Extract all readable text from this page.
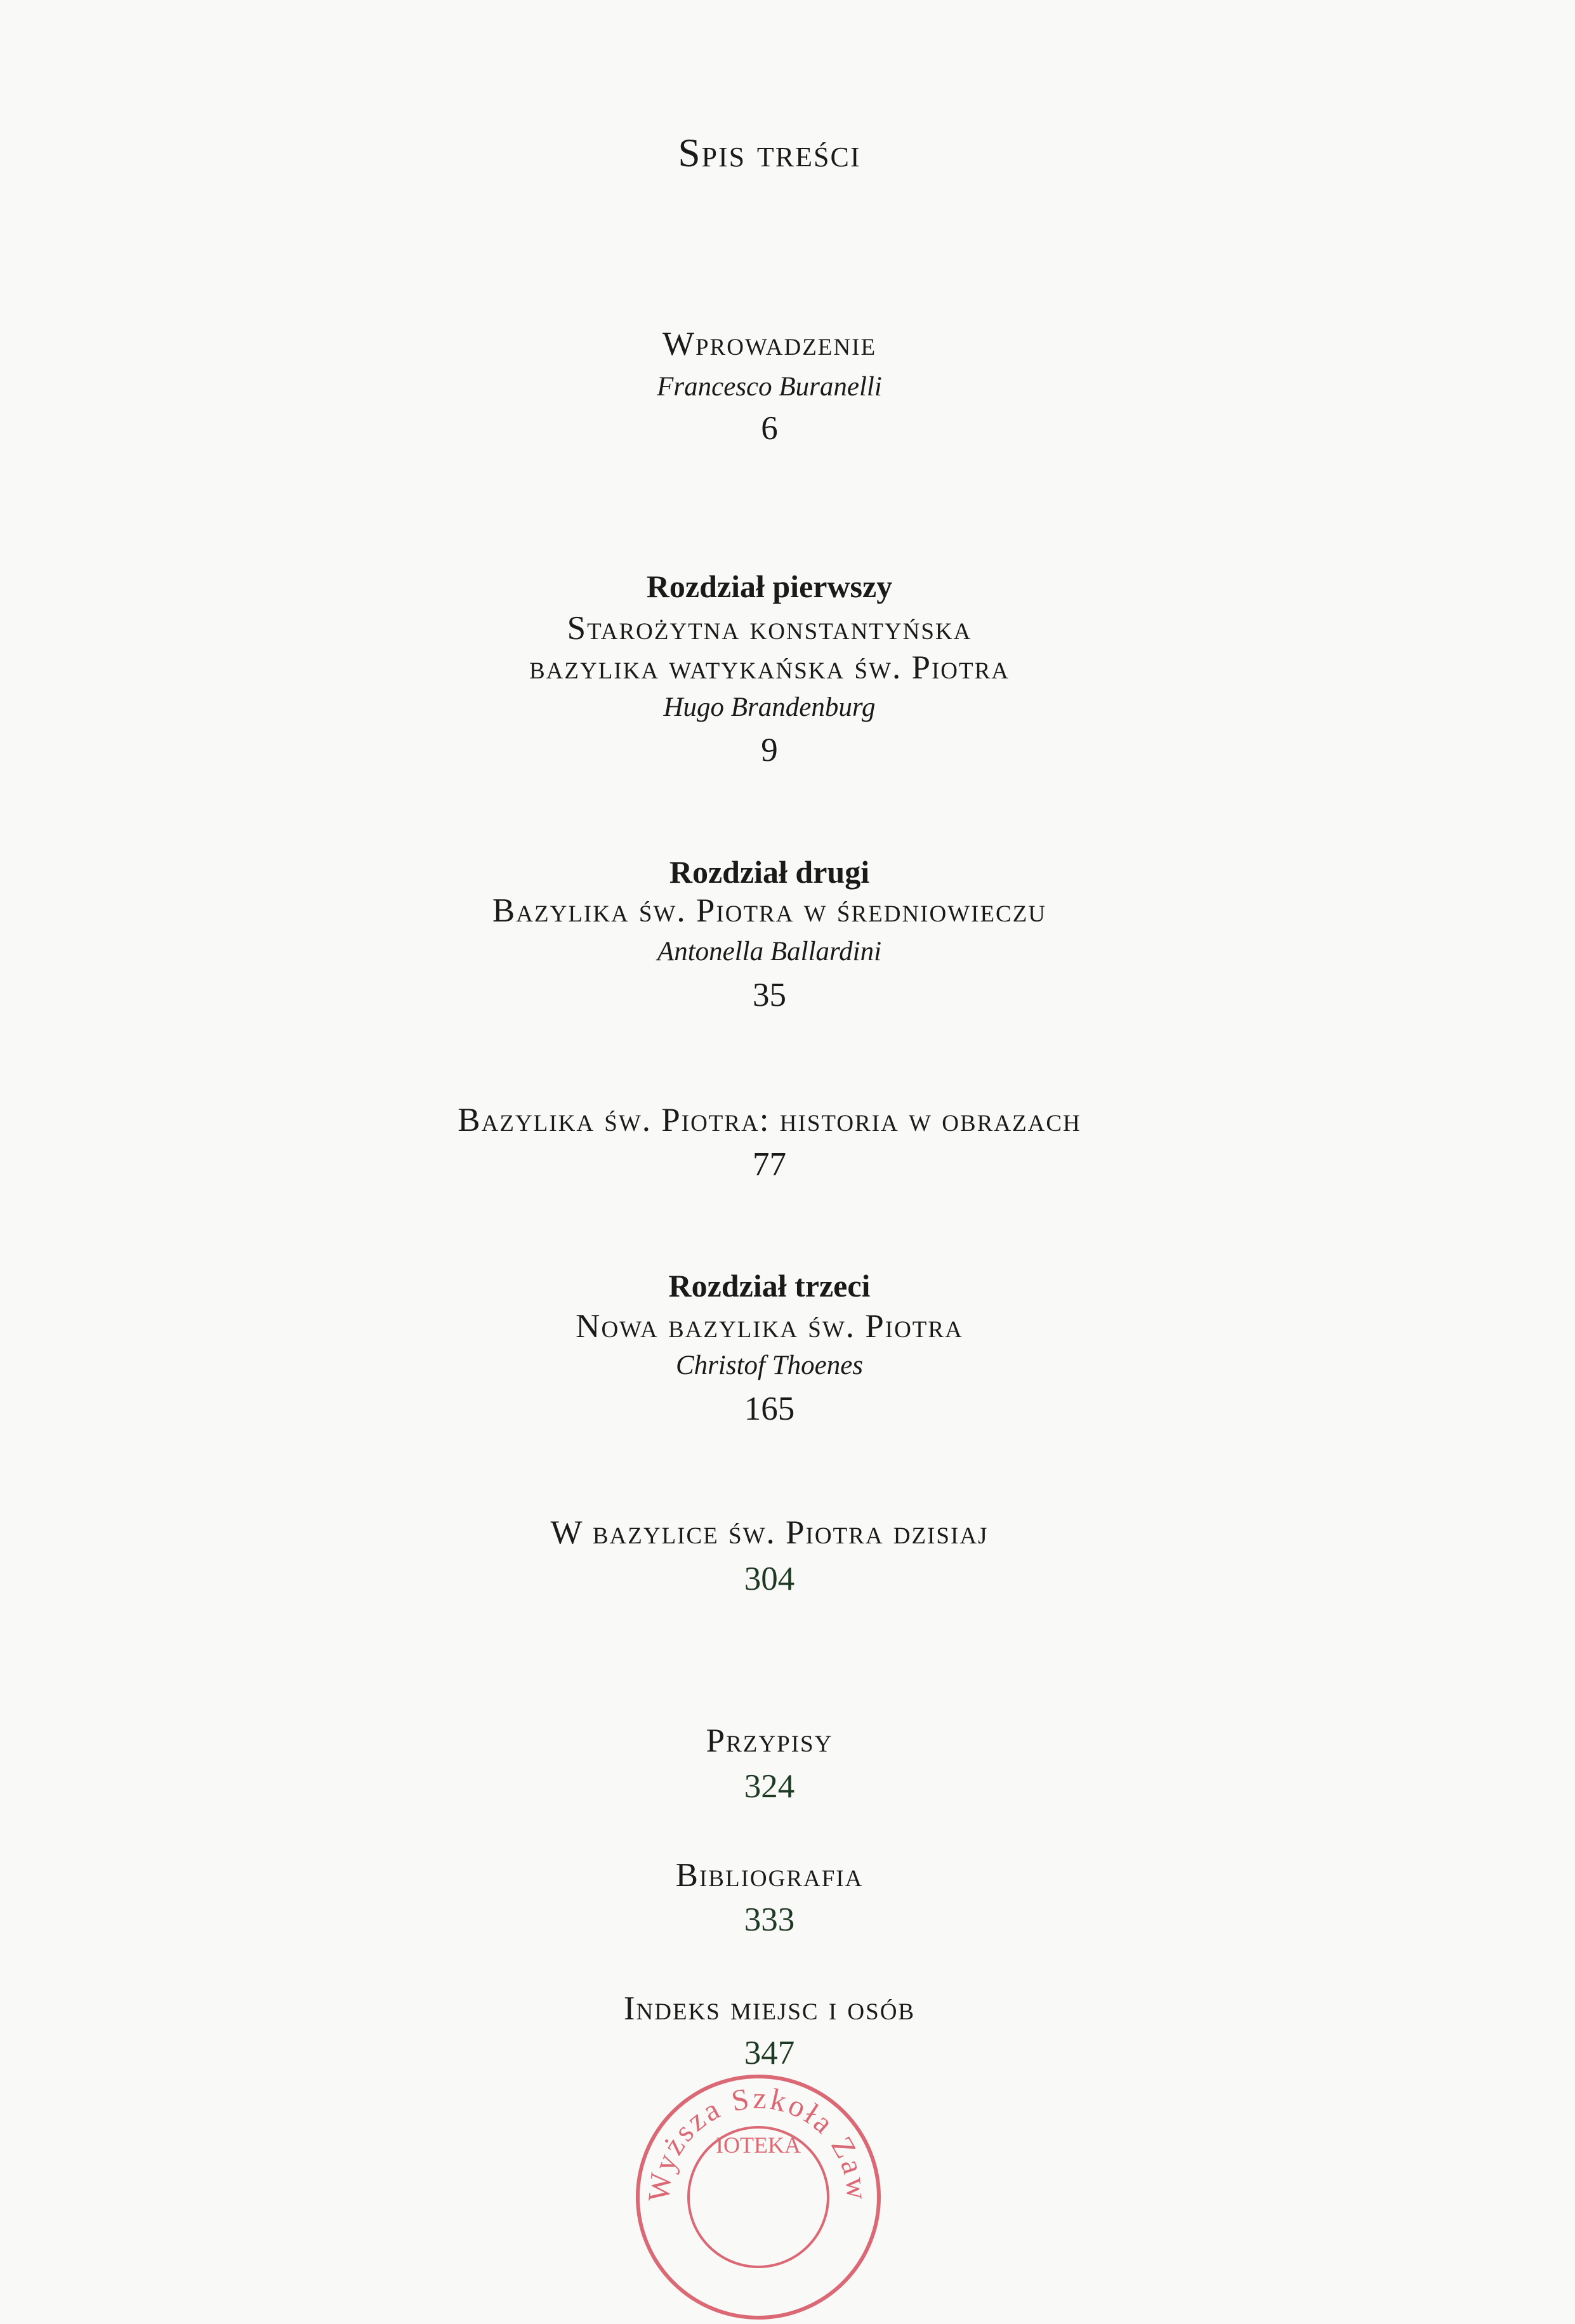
Spis treści
Wprowadzenie
Francesco Buranelli
6
Rozdział pierwszy
Starożytna konstantyńska
bazylika watykańska św. Piotra
Hugo Brandenburg
9
Rozdział drugi
Bazylika św. Piotra w średniowieczu
Antonella Ballardini
35
Bazylika św. Piotra: historia w obrazach
77
Rozdział trzeci
Nowa bazylika św. Piotra
Christof Thoenes
165
W bazylice św. Piotra dzisiaj
304
Przypisy
324
Bibliografia
333
Indeks miejsc i osób
347
Wyższa Szkoła Zaw
IOTEKA
